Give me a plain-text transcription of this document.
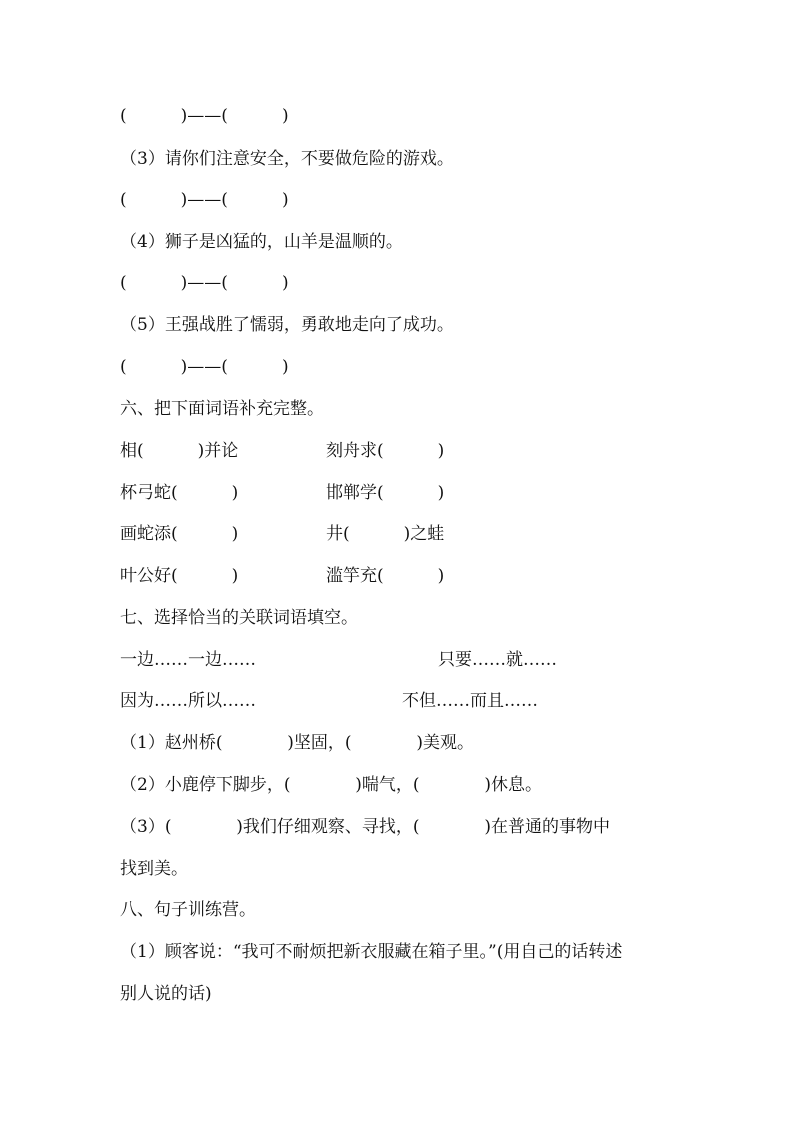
(          )——(          )
（3）请你们注意安全，不要做危险的游戏。
(          )——(          )
（4）狮子是凶猛的，山羊是温顺的。
(          )——(          )
（5）王强战胜了懦弱，勇敢地走向了成功。
(          )——(          )
六、把下面词语补充完整。
相(          )并论	刻舟求(          )
杯弓蛇(          )	邯郸学(          )
画蛇添(          )	井(          )之蛙
叶公好(          )	滥竽充(          )
七、选择恰当的关联词语填空。
一边……一边……	只要……就……
因为……所以……	不但……而且……
（1）赵州桥(            )坚固，(            )美观。
（2）小鹿停下脚步，(            )喘气，(            )休息。
（3）(            )我们仔细观察、寻找，(            )在普通的事物中
找到美。
八、句子训练营。
（1）顾客说：“我可不耐烦把新衣服藏在箱子里。”(用自己的话转述
别人说的话)
